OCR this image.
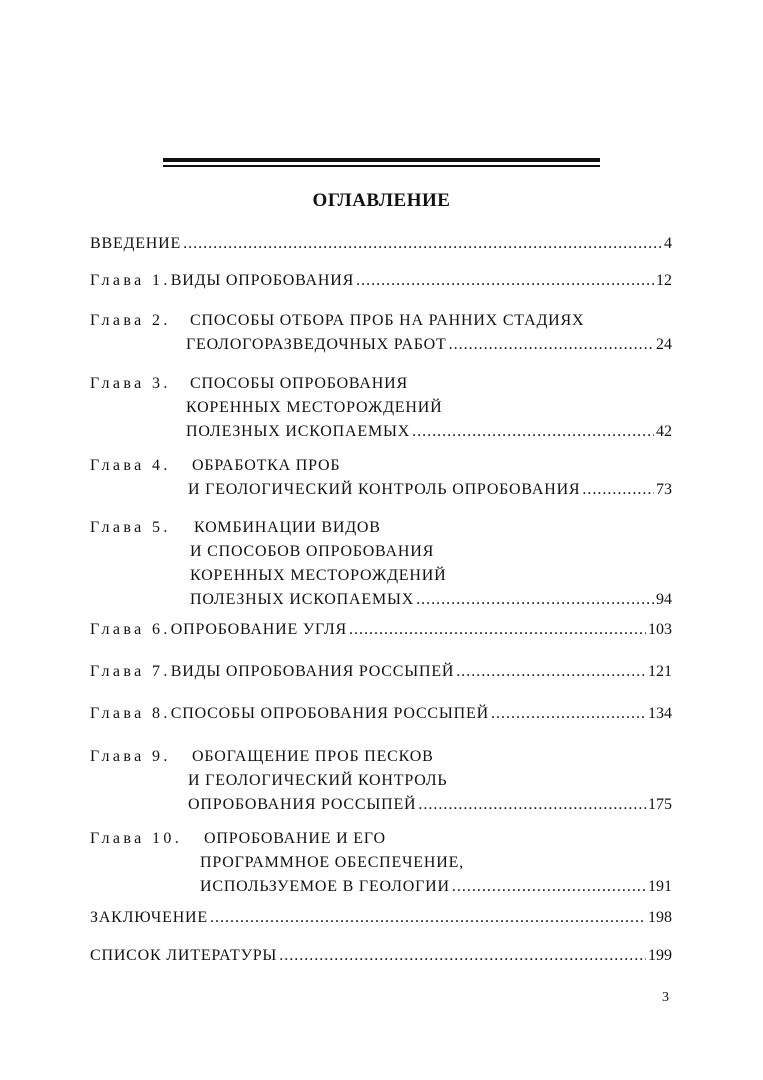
ОГЛАВЛЕНИЕ
ВВЕДЕНИЕ .....	4
Глава 1. ВИДЫ ОПРОБОВАНИЯ .....	12
Глава 2. СПОСОБЫ ОТБОРА ПРОБ НА РАННИХ СТАДИЯХ
ГЕОЛОГОРАЗВЕДОЧНЫХ РАБОТ .....	24
Глава 3. СПОСОБЫ ОПРОБОВАНИЯ
КОРЕННЫХ МЕСТОРОЖДЕНИЙ
ПОЛЕЗНЫХ ИСКОПАЕМЫХ .....	42
Глава 4. ОБРАБОТКА ПРОБ
И ГЕОЛОГИЧЕСКИЙ КОНТРОЛЬ ОПРОБОВАНИЯ .....	73
Глава 5. КОМБИНАЦИИ ВИДОВ
И СПОСОБОВ ОПРОБОВАНИЯ
КОРЕННЫХ МЕСТОРОЖДЕНИЙ
ПОЛЕЗНЫХ ИСКОПАЕМЫХ .....	94
Глава 6. ОПРОБОВАНИЕ УГЛЯ .....	103
Глава 7. ВИДЫ ОПРОБОВАНИЯ РОССЫПЕЙ .....	121
Глава 8. СПОСОБЫ ОПРОБОВАНИЯ РОССЫПЕЙ .....	134
Глава 9. ОБОГАЩЕНИЕ ПРОБ ПЕСКОВ
И ГЕОЛОГИЧЕСКИЙ КОНТРОЛЬ
ОПРОБОВАНИЯ РОССЫПЕЙ .....	175
Глава 10. ОПРОБОВАНИЕ И ЕГО
ПРОГРАММНОЕ ОБЕСПЕЧЕНИЕ,
ИСПОЛЬЗУЕМОЕ В ГЕОЛОГИИ .....	191
ЗАКЛЮЧЕНИЕ .....	198
СПИСОК ЛИТЕРАТУРЫ .....	199
3
